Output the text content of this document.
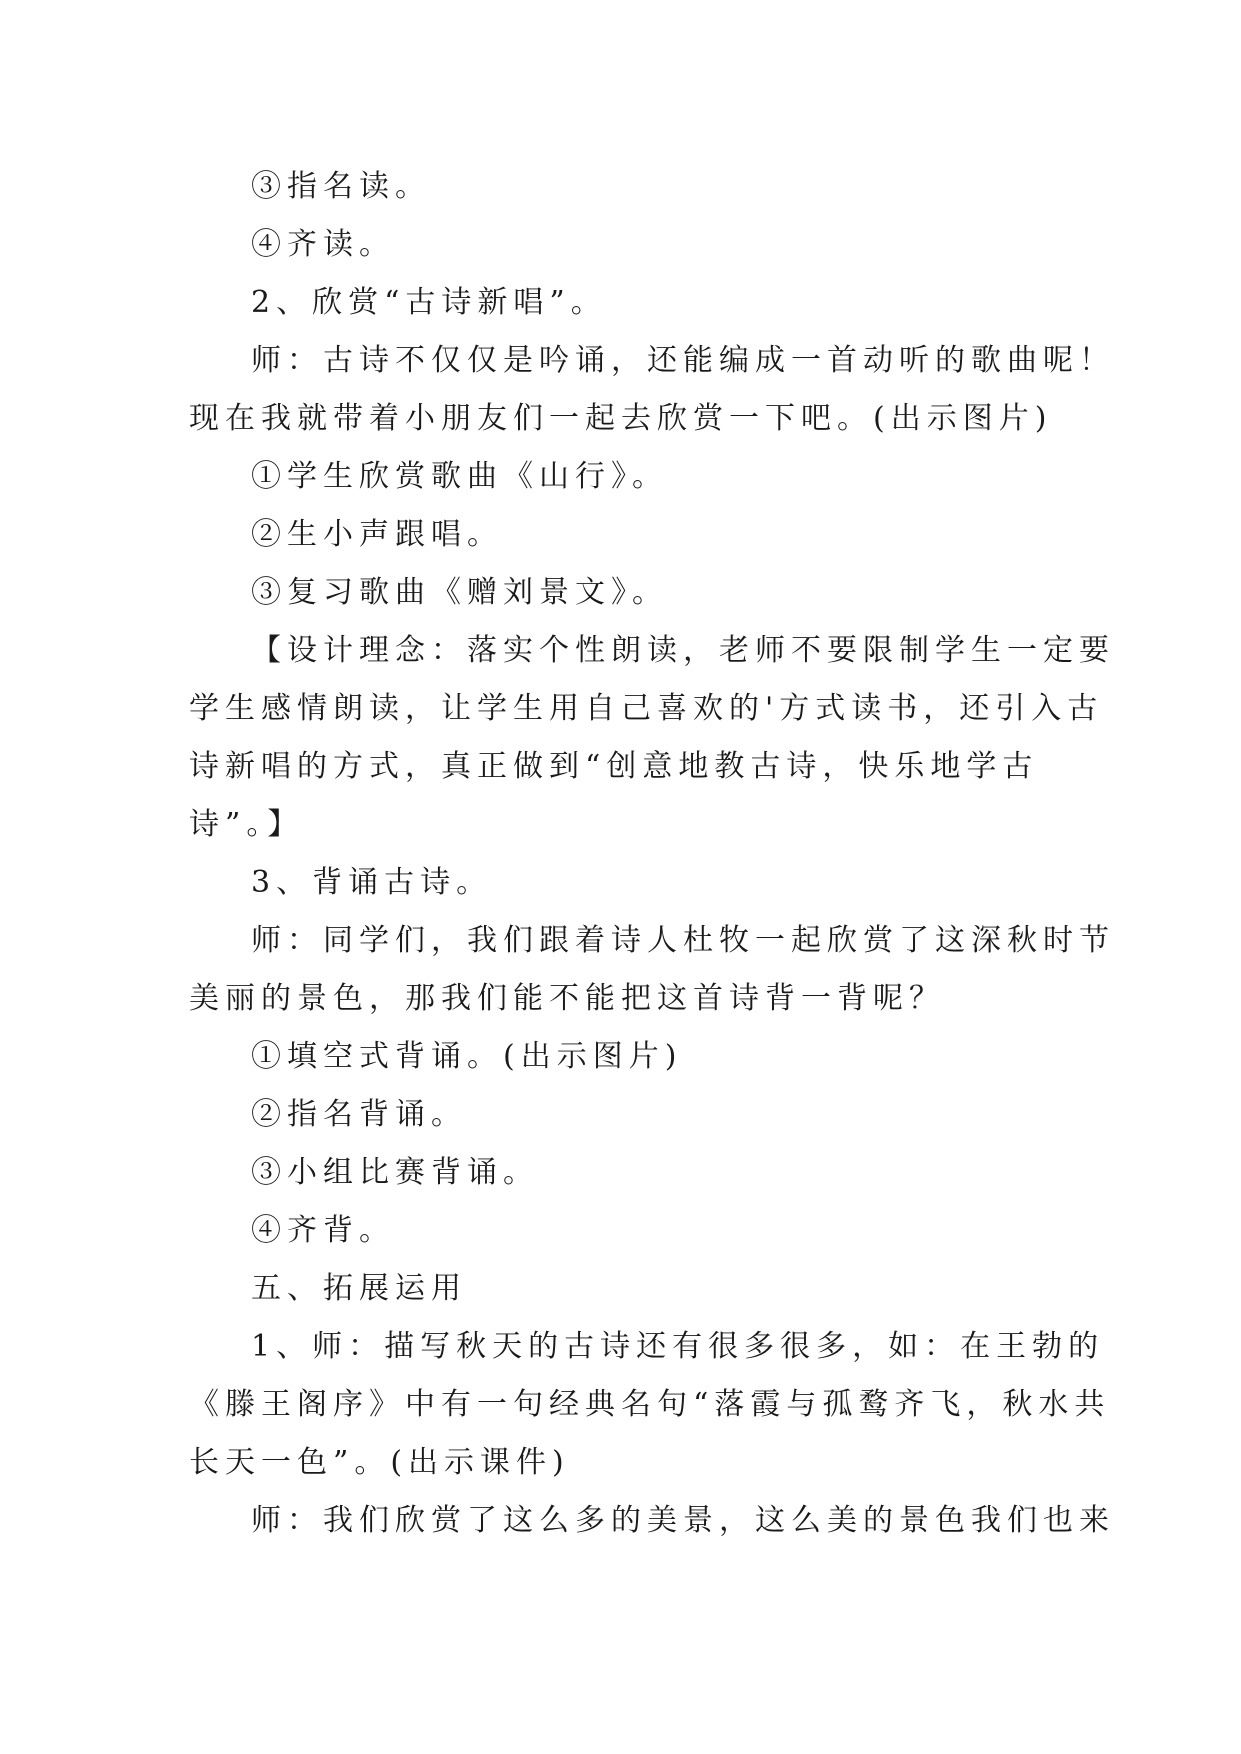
③指名读。

④齐读。

2、欣赏“古诗新唱”。

师：古诗不仅仅是吟诵，还能编成一首动听的歌曲呢！

现在我就带着小朋友们一起去欣赏一下吧。(出示图片)

①学生欣赏歌曲《山行》。

②生小声跟唱。

③复习歌曲《赠刘景文》。

【设计理念：落实个性朗读，老师不要限制学生一定要

学生感情朗读，让学生用自己喜欢的'方式读书，还引入古

诗新唱的方式，真正做到“创意地教古诗，快乐地学古

诗”。】

3、背诵古诗。

师：同学们，我们跟着诗人杜牧一起欣赏了这深秋时节

美丽的景色，那我们能不能把这首诗背一背呢？

①填空式背诵。(出示图片)

②指名背诵。

③小组比赛背诵。

④齐背。

五、拓展运用

1、师：描写秋天的古诗还有很多很多，如：在王勃的

《滕王阁序》中有一句经典名句“落霞与孤鹜齐飞，秋水共

长天一色”。(出示课件)

师：我们欣赏了这么多的美景，这么美的景色我们也来
